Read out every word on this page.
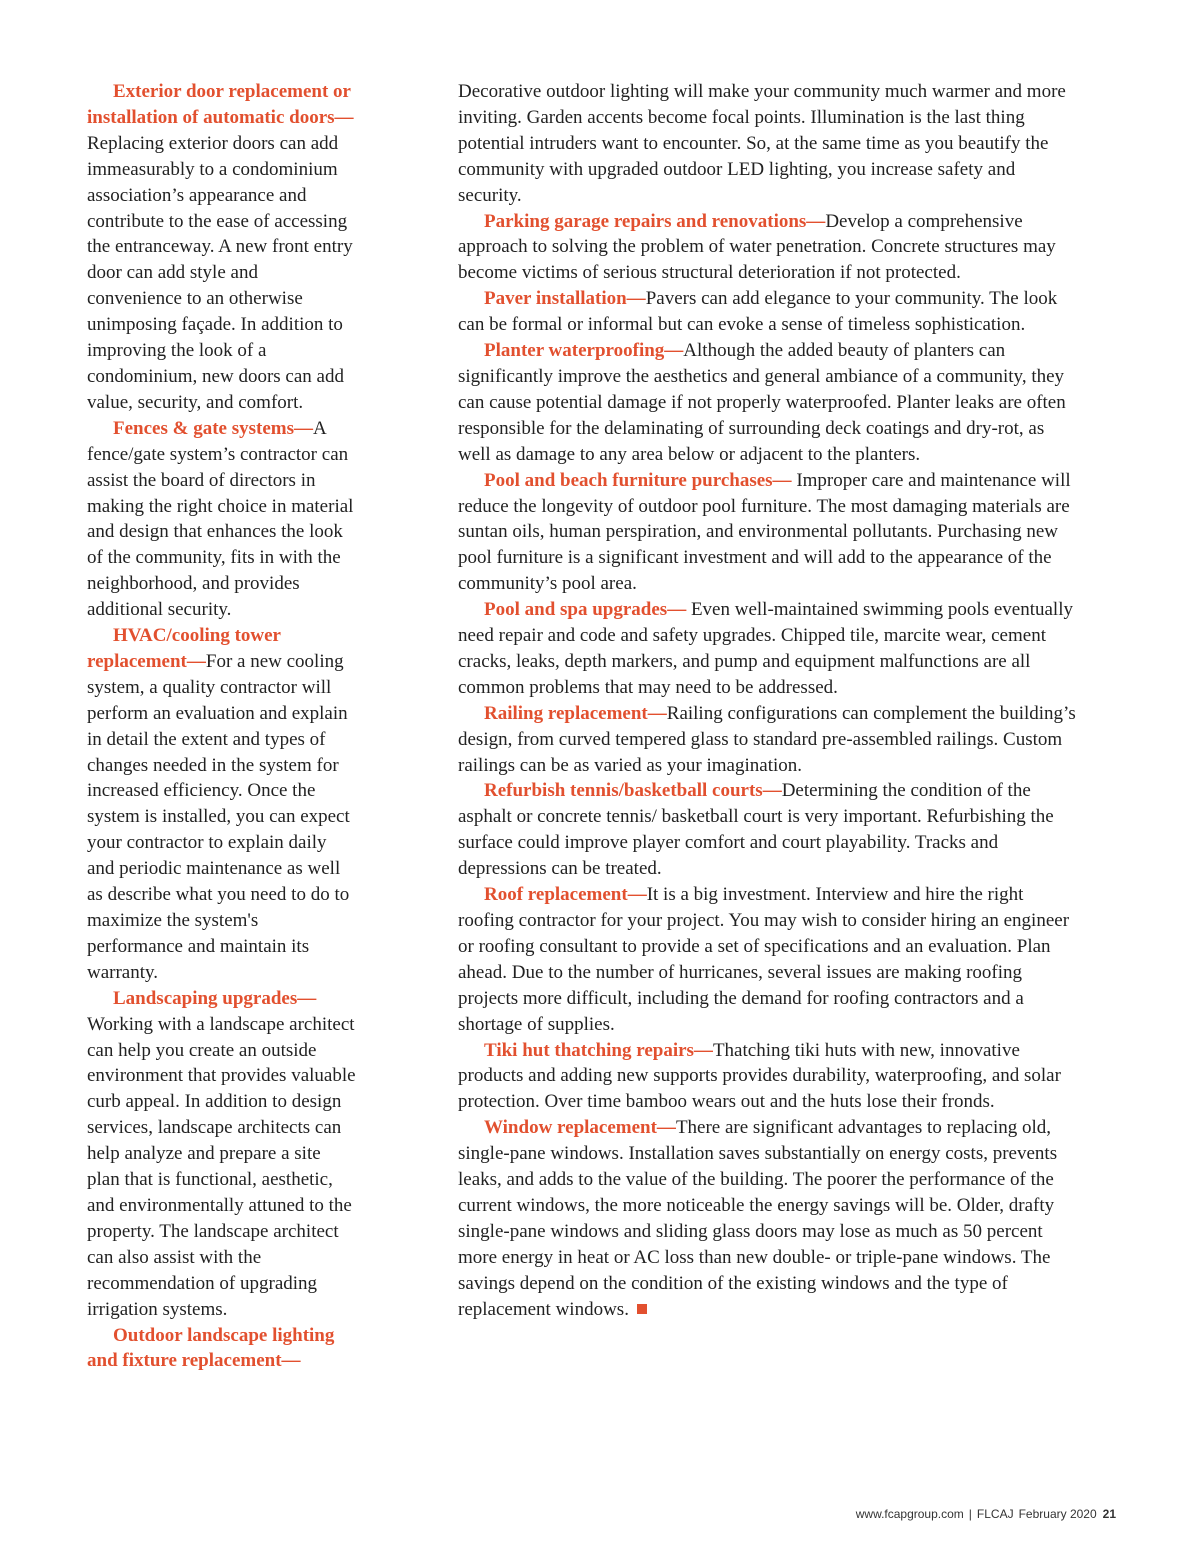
Exterior door replacement or installation of automatic doors—Replacing exterior doors can add immeasurably to a condominium association’s appearance and contribute to the ease of accessing the entranceway. A new front entry door can add style and convenience to an otherwise unimposing façade. In addition to improving the look of a condominium, new doors can add value, security, and comfort.

Fences & gate systems—A fence/gate system’s contractor can assist the board of directors in making the right choice in material and design that enhances the look of the community, fits in with the neighborhood, and provides additional security.

HVAC/cooling tower replacement—For a new cooling system, a quality contractor will perform an evaluation and explain in detail the extent and types of changes needed in the system for increased efficiency. Once the system is installed, you can expect your contractor to explain daily and periodic maintenance as well as describe what you need to do to maximize the system's performance and maintain its warranty.

Landscaping upgrades—Working with a landscape architect can help you create an outside environment that provides valuable curb appeal. In addition to design services, landscape architects can help analyze and prepare a site plan that is functional, aesthetic, and environmentally attuned to the property. The landscape architect can also assist with the recommendation of upgrading irrigation systems.

Outdoor landscape lighting and fixture replacement—

Decorative outdoor lighting will make your community much warmer and more inviting. Garden accents become focal points. Illumination is the last thing potential intruders want to encounter. So, at the same time as you beautify the community with upgraded outdoor LED lighting, you increase safety and security.

Parking garage repairs and renovations—Develop a comprehensive approach to solving the problem of water penetration. Concrete structures may become victims of serious structural deterioration if not protected.

Paver installation—Pavers can add elegance to your community. The look can be formal or informal but can evoke a sense of timeless sophistication.

Planter waterproofing—Although the added beauty of planters can significantly improve the aesthetics and general ambiance of a community, they can cause potential damage if not properly waterproofed. Planter leaks are often responsible for the delaminating of surrounding deck coatings and dry-rot, as well as damage to any area below or adjacent to the planters.

Pool and beach furniture purchases— Improper care and maintenance will reduce the longevity of outdoor pool furniture. The most damaging materials are suntan oils, human perspiration, and environmental pollutants. Purchasing new pool furniture is a significant investment and will add to the appearance of the community’s pool area.

Pool and spa upgrades— Even well-maintained swimming pools eventually need repair and code and safety upgrades. Chipped tile, marcite wear, cement cracks, leaks, depth markers, and pump and equipment malfunctions are all common problems that may need to be addressed.

Railing replacement—Railing configurations can complement the building’s design, from curved tempered glass to standard pre-assembled railings. Custom railings can be as varied as your imagination.

Refurbish tennis/basketball courts—Determining the condition of the asphalt or concrete tennis/ basketball court is very important. Refurbishing the surface could improve player comfort and court playability. Tracks and depressions can be treated.

Roof replacement—It is a big investment. Interview and hire the right roofing contractor for your project. You may wish to consider hiring an engineer or roofing consultant to provide a set of specifications and an evaluation. Plan ahead. Due to the number of hurricanes, several issues are making roofing projects more difficult, including the demand for roofing contractors and a shortage of supplies.

Tiki hut thatching repairs—Thatching tiki huts with new, innovative products and adding new supports provides durability, waterproofing, and solar protection. Over time bamboo wears out and the huts lose their fronds.

Window replacement—There are significant advantages to replacing old, single-pane windows. Installation saves substantially on energy costs, prevents leaks, and adds to the value of the building. The poorer the performance of the current windows, the more noticeable the energy savings will be. Older, drafty single-pane windows and sliding glass doors may lose as much as 50 percent more energy in heat or AC loss than new double- or triple-pane windows. The savings depend on the condition of the existing windows and the type of replacement windows.

www.fcapgroup.com | FLCAJ February 2020 21
